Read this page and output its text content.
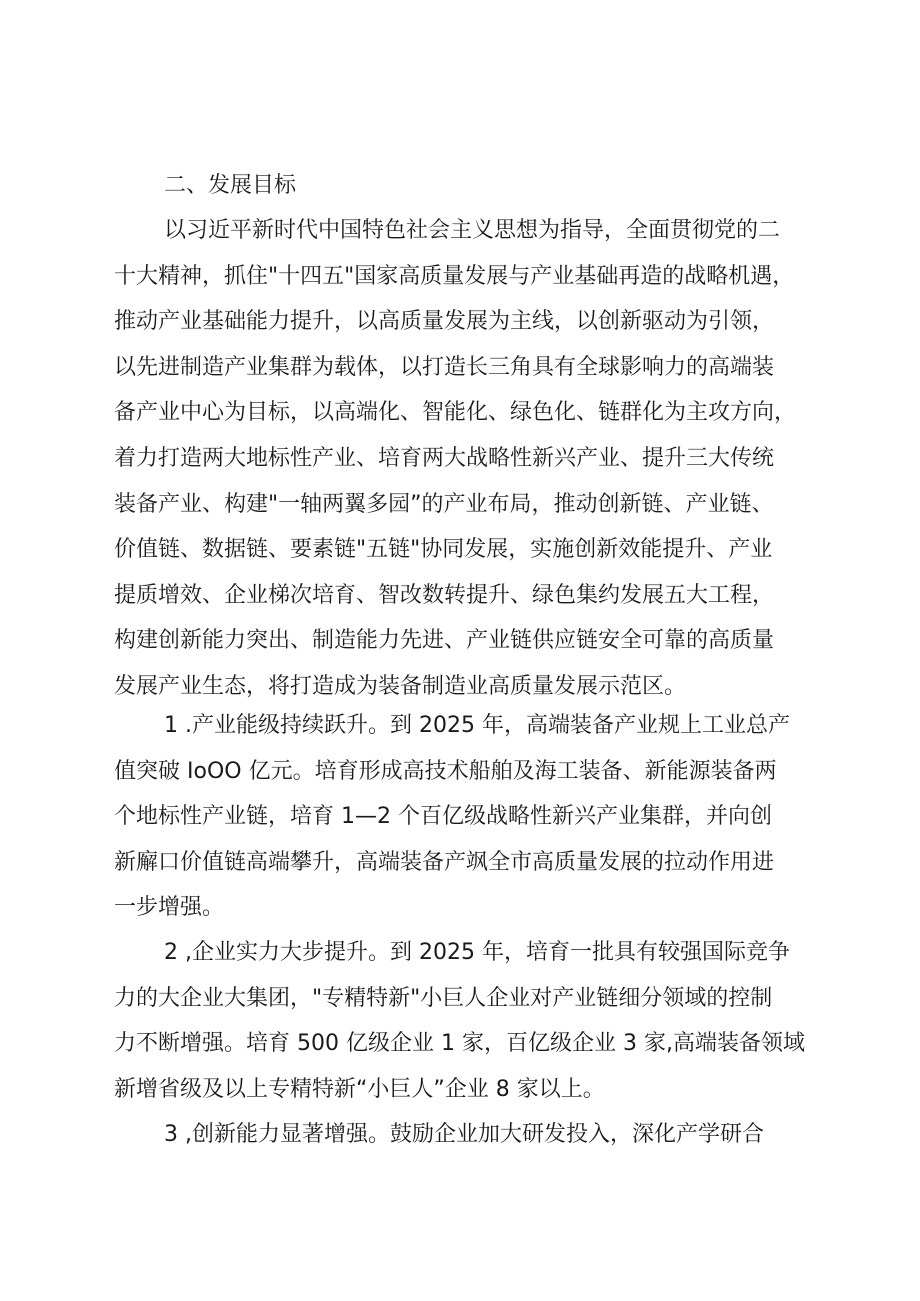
二、发展目标

以习近平新时代中国特色社会主义思想为指导，全面贯彻党的二
十大精神，抓住"十四五"国家高质量发展与产业基础再造的战略机遇，
推动产业基础能力提升，以高质量发展为主线，以创新驱动为引领，
以先进制造产业集群为载体，以打造长三角具有全球影响力的高端装
备产业中心为目标，以高端化、智能化、绿色化、链群化为主攻方向，
着力打造两大地标性产业、培育两大战略性新兴产业、提升三大传统
装备产业、构建"一轴两翼多园”的产业布局，推动创新链、产业链、
价值链、数据链、要素链"五链"协同发展，实施创新效能提升、产业
提质增效、企业梯次培育、智改数转提升、绿色集约发展五大工程，
构建创新能力突出、制造能力先进、产业链供应链安全可靠的高质量
发展产业生态，将打造成为装备制造业高质量发展示范区。

1 .产业能级持续跃升。到 2025 年，高端装备产业规上工业总产
值突破 IoOO 亿元。培育形成高技术船舶及海工装备、新能源装备两
个地标性产业链，培育 1—2 个百亿级战略性新兴产业集群，并向创
新廨口价值链高端攀升，高端装备产飒全市高质量发展的拉动作用进
一步增强。

2 ,企业实力大步提升。到 2025 年，培育一批具有较强国际竞争
力的大企业大集团，"专精特新"小巨人企业对产业链细分领域的控制
力不断增强。培育 500 亿级企业 1 家，百亿级企业 3 家,高端装备领域
新增省级及以上专精特新“小巨人”企业 8 家以上。

3 ,创新能力显著增强。鼓励企业加大研发投入，深化产学研合
